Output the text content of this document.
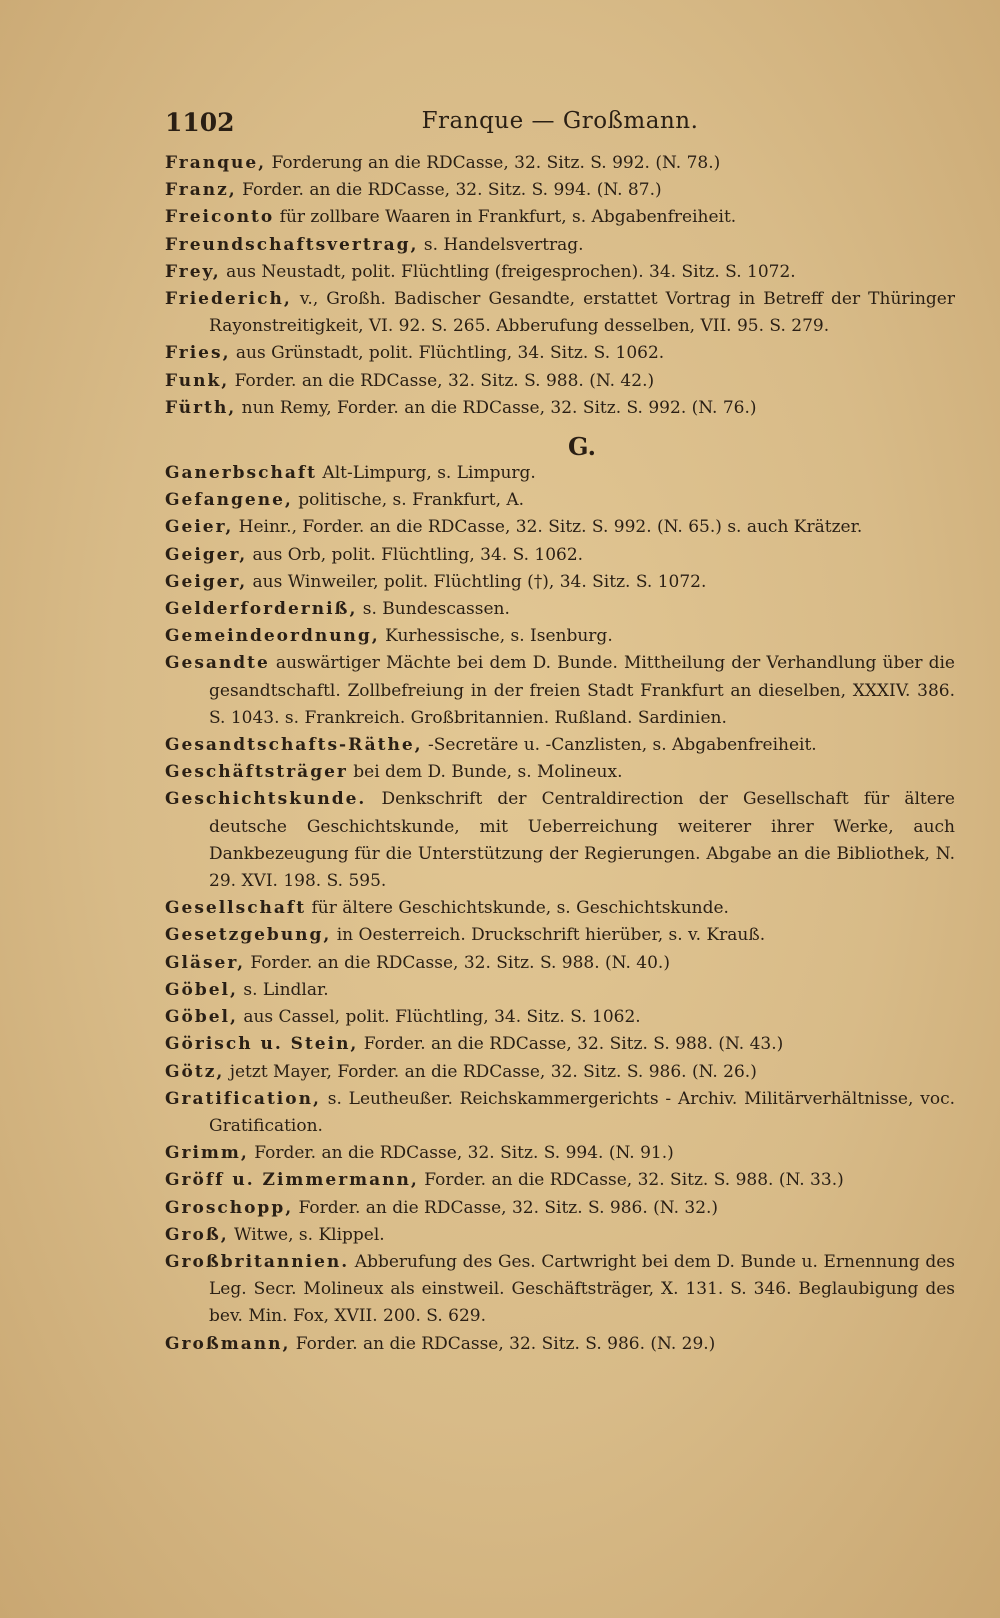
1102	Franque — Großmann.

Franque, Forderung an die RDCasse, 32. Sitz. S. 992. (N. 78.)

Franz, Forder. an die RDCasse, 32. Sitz. S. 994. (N. 87.)

Freiconto für zollbare Waaren in Frankfurt, s. Abgabenfreiheit.

Freundschaftsvertrag, s. Handelsvertrag.

Frey, aus Neustadt, polit. Flüchtling (freigesprochen). 34. Sitz. S. 1072.

Friederich, v., Großh. Badischer Gesandte, erstattet Vortrag in Betreff der Thüringer Rayonstreitigkeit, VI. 92. S. 265. Abberufung desselben, VII. 95. S. 279.

Fries, aus Grünstadt, polit. Flüchtling, 34. Sitz. S. 1062.

Funk, Forder. an die RDCasse, 32. Sitz. S. 988. (N. 42.)

Fürth, nun Remy, Forder. an die RDCasse, 32. Sitz. S. 992. (N. 76.)

G.

Ganerbschaft Alt-Limpurg, s. Limpurg.

Gefangene, politische, s. Frankfurt, A.

Geier, Heinr., Forder. an die RDCasse, 32. Sitz. S. 992. (N. 65.) s. auch Krätzer.

Geiger, aus Orb, polit. Flüchtling, 34. S. 1062.

Geiger, aus Winweiler, polit. Flüchtling (†), 34. Sitz. S. 1072.

Gelderforderniß, s. Bundescassen.

Gemeindeordnung, Kurhessische, s. Isenburg.

Gesandte auswärtiger Mächte bei dem D. Bunde. Mittheilung der Verhandlung über die gesandtschaftl. Zollbefreiung in der freien Stadt Frankfurt an dieselben, XXXIV. 386. S. 1043. s. Frankreich. Großbritannien. Rußland. Sardinien.

Gesandtschafts-Räthe, -Secretäre u. -Canzlisten, s. Abgabenfreiheit.

Geschäftsträger bei dem D. Bunde, s. Molineux.

Geschichtskunde. Denkschrift der Centraldirection der Gesellschaft für ältere deutsche Geschichtskunde, mit Ueberreichung weiterer ihrer Werke, auch Dankbezeugung für die Unterstützung der Regierungen. Abgabe an die Bibliothek, N. 29. XVI. 198. S. 595.

Gesellschaft für ältere Geschichtskunde, s. Geschichtskunde.

Gesetzgebung, in Oesterreich. Druckschrift hierüber, s. v. Krauß.

Gläser, Forder. an die RDCasse, 32. Sitz. S. 988. (N. 40.)

Göbel, s. Lindlar.

Göbel, aus Cassel, polit. Flüchtling, 34. Sitz. S. 1062.

Görisch u. Stein, Forder. an die RDCasse, 32. Sitz. S. 988. (N. 43.)

Götz, jetzt Mayer, Forder. an die RDCasse, 32. Sitz. S. 986. (N. 26.)

Gratification, s. Leutheußer. Reichskammergerichts - Archiv. Militärverhältnisse, voc. Gratification.

Grimm, Forder. an die RDCasse, 32. Sitz. S. 994. (N. 91.)

Gröff u. Zimmermann, Forder. an die RDCasse, 32. Sitz. S. 988. (N. 33.)

Groschopp, Forder. an die RDCasse, 32. Sitz. S. 986. (N. 32.)

Groß, Witwe, s. Klippel.

Großbritannien. Abberufung des Ges. Cartwright bei dem D. Bunde u. Ernennung des Leg. Secr. Molineux als einstweil. Geschäftsträger, X. 131. S. 346. Beglaubigung des bev. Min. Fox, XVII. 200. S. 629.

Großmann, Forder. an die RDCasse, 32. Sitz. S. 986. (N. 29.)
